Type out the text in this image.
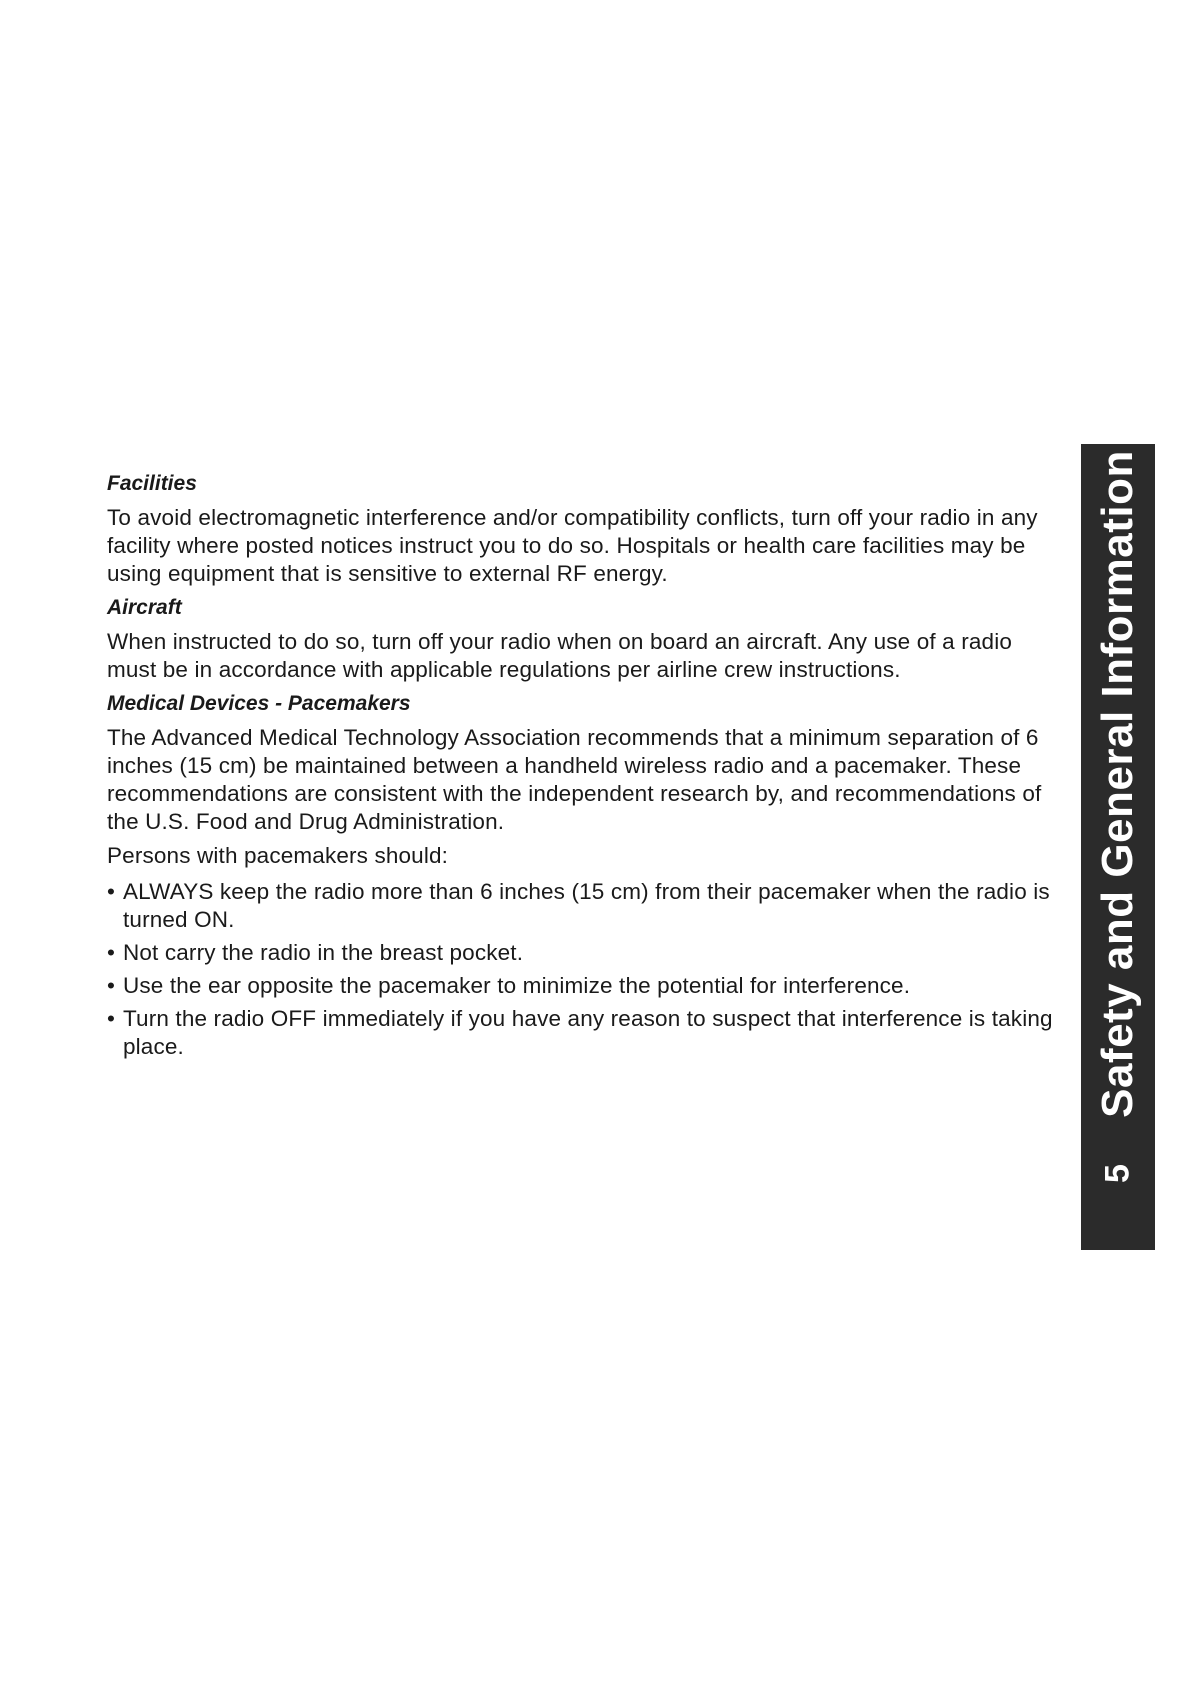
Facilities

To avoid electromagnetic interference and/or compatibility conflicts, turn off your radio in any facility where posted notices instruct you to do so. Hospitals or health care facilities may be using equipment that is sensitive to external RF energy.

Aircraft

When instructed to do so, turn off your radio when on board an aircraft. Any use of a radio must be in accordance with applicable regulations per airline crew instructions.

Medical Devices - Pacemakers

The Advanced Medical Technology Association recommends that a minimum separation of 6 inches (15 cm) be maintained between a handheld wireless radio and a pacemaker. These recommendations are consistent with the independent research by, and recommendations of the U.S. Food and Drug Administration.

Persons with pacemakers should:

• ALWAYS keep the radio more than 6 inches (15 cm) from their pacemaker when the radio is turned ON.
• Not carry the radio in the breast pocket.
• Use the ear opposite the pacemaker to minimize the potential for interference.
• Turn the radio OFF immediately if you have any reason to suspect that interference is taking place.	Safety and General Information
5
